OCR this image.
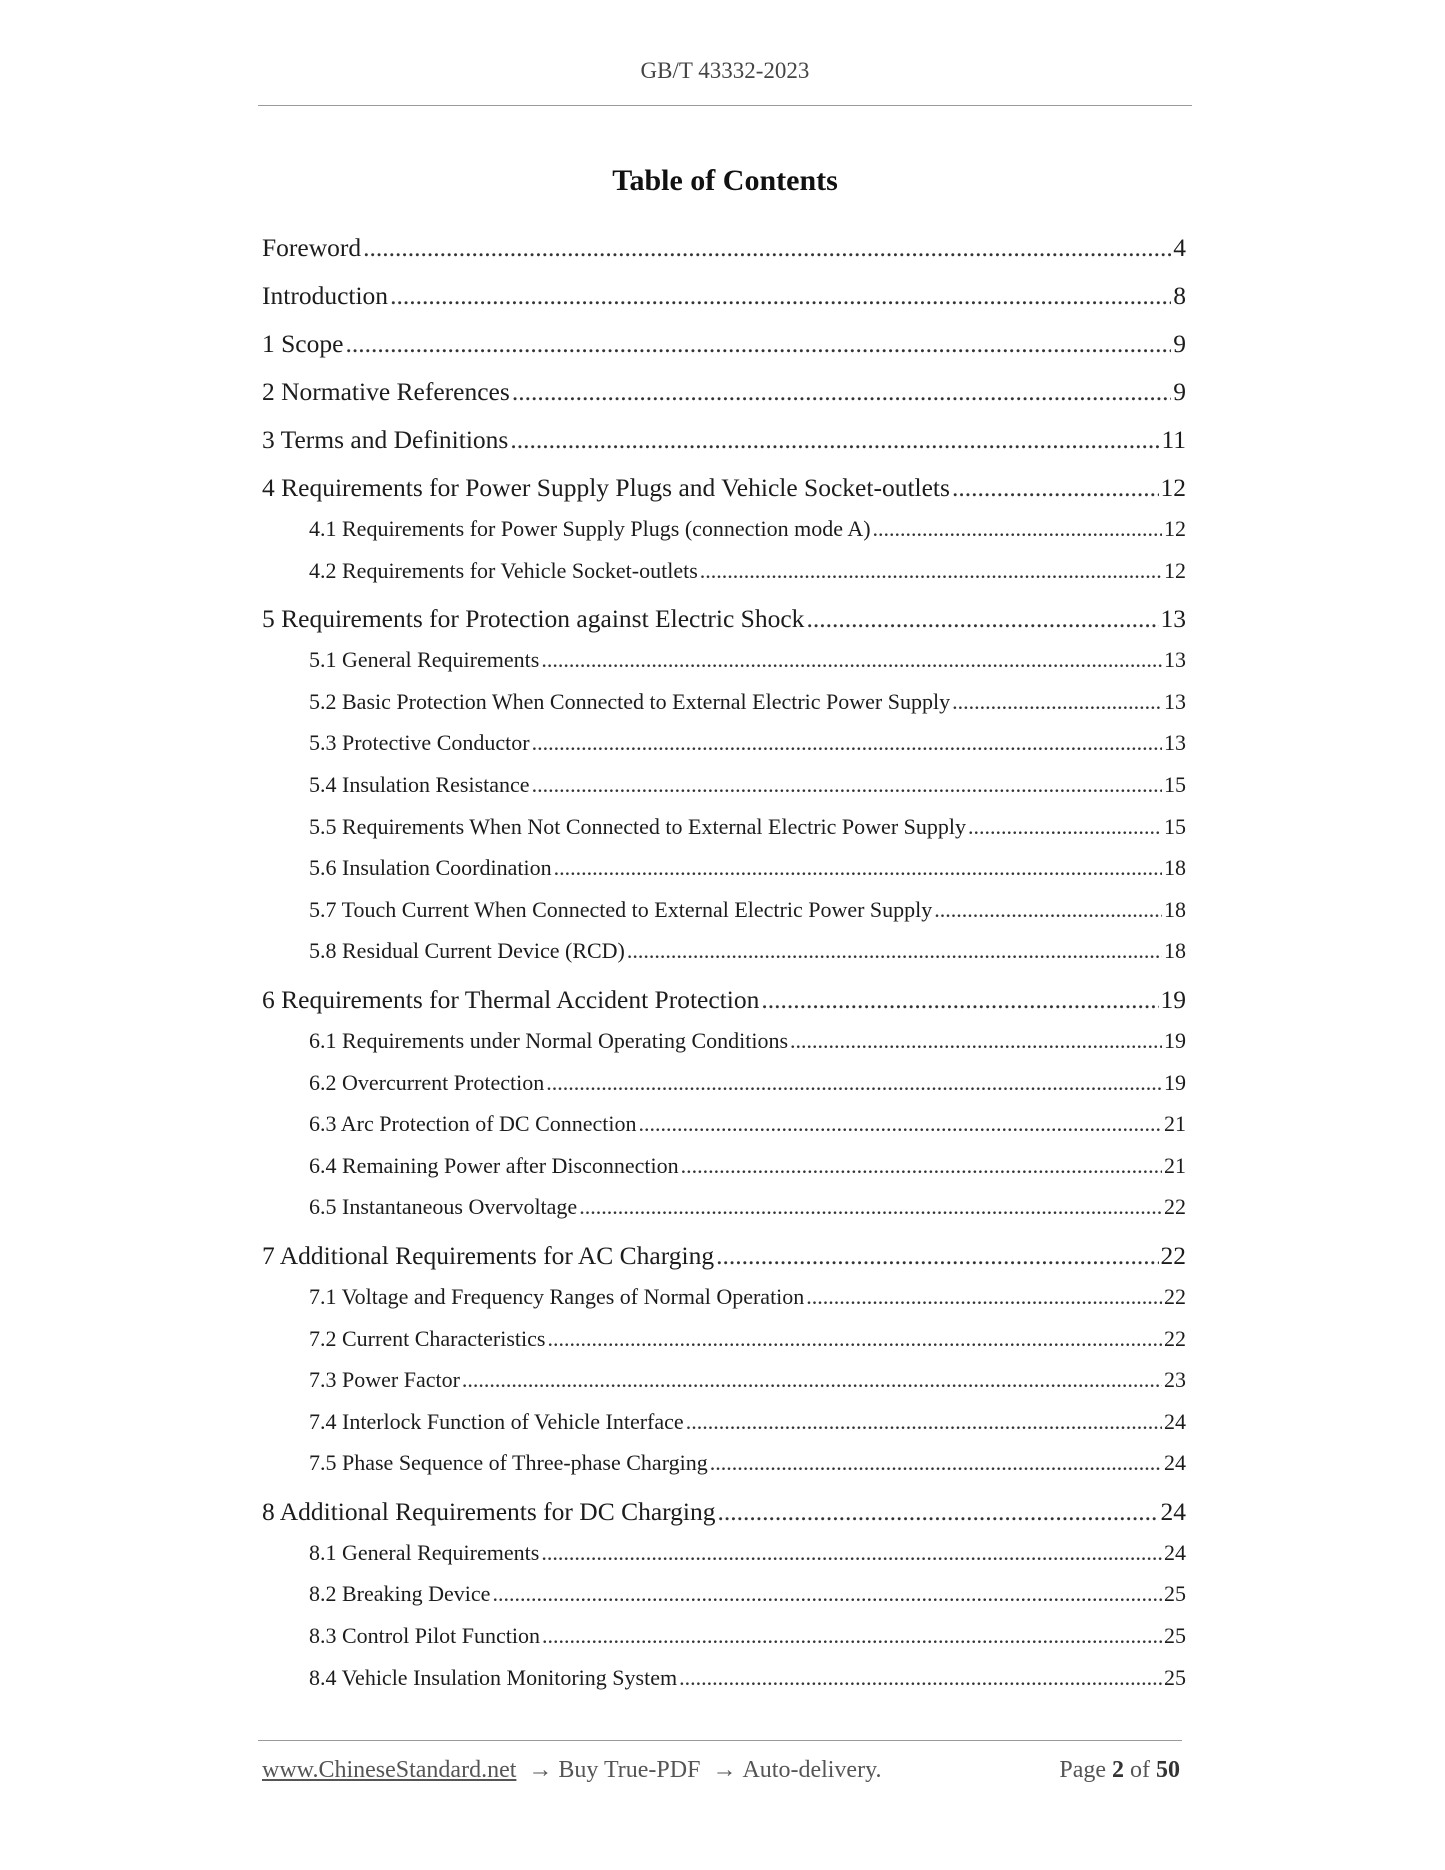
GB/T 43332-2023
Table of Contents
Foreword .....	4
Introduction .....	8
1 Scope .....	9
2 Normative References .....	9
3 Terms and Definitions .....	11
4 Requirements for Power Supply Plugs and Vehicle Socket-outlets .....	12
4.1 Requirements for Power Supply Plugs (connection mode A) .....	12
4.2 Requirements for Vehicle Socket-outlets .....	12
5 Requirements for Protection against Electric Shock .....	13
5.1 General Requirements .....	13
5.2 Basic Protection When Connected to External Electric Power Supply .....	13
5.3 Protective Conductor .....	13
5.4 Insulation Resistance .....	15
5.5 Requirements When Not Connected to External Electric Power Supply .....	15
5.6 Insulation Coordination .....	18
5.7 Touch Current When Connected to External Electric Power Supply .....	18
5.8 Residual Current Device (RCD) .....	18
6 Requirements for Thermal Accident Protection .....	19
6.1 Requirements under Normal Operating Conditions .....	19
6.2 Overcurrent Protection .....	19
6.3 Arc Protection of DC Connection .....	21
6.4 Remaining Power after Disconnection .....	21
6.5 Instantaneous Overvoltage .....	22
7 Additional Requirements for AC Charging .....	22
7.1 Voltage and Frequency Ranges of Normal Operation .....	22
7.2 Current Characteristics .....	22
7.3 Power Factor .....	23
7.4 Interlock Function of Vehicle Interface .....	24
7.5 Phase Sequence of Three-phase Charging .....	24
8 Additional Requirements for DC Charging .....	24
8.1 General Requirements .....	24
8.2 Breaking Device .....	25
8.3 Control Pilot Function .....	25
8.4 Vehicle Insulation Monitoring System .....	25
www.ChineseStandard.net → Buy True-PDF → Auto-delivery.	Page 2 of 50
